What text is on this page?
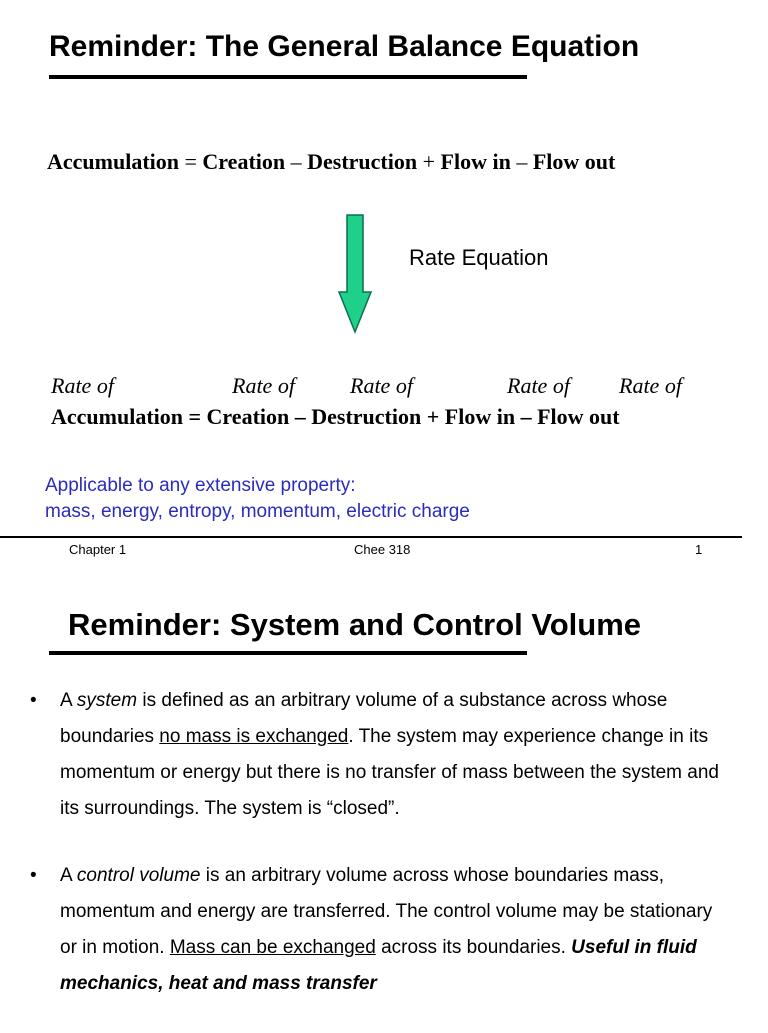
Reminder: The General Balance Equation
Accumulation = Creation – Destruction + Flow in – Flow out
Rate Equation
Rate of	Rate of	Rate of	Rate of Rate of
Accumulation = Creation – Destruction + Flow in – Flow out
Applicable to any extensive property:
mass, energy, entropy, momentum, electric charge
Chapter 1	Chee 318	1
Reminder: System and Control Volume
• A system is defined as an arbitrary volume of a substance across whose boundaries no mass is exchanged. The system may experience change in its momentum or energy but there is no transfer of mass between the system and its surroundings. The system is “closed”.
• A control volume is an arbitrary volume across whose boundaries mass, momentum and energy are transferred. The control volume may be stationary or in motion. Mass can be exchanged across its boundaries. Useful in fluid mechanics, heat and mass transfer
